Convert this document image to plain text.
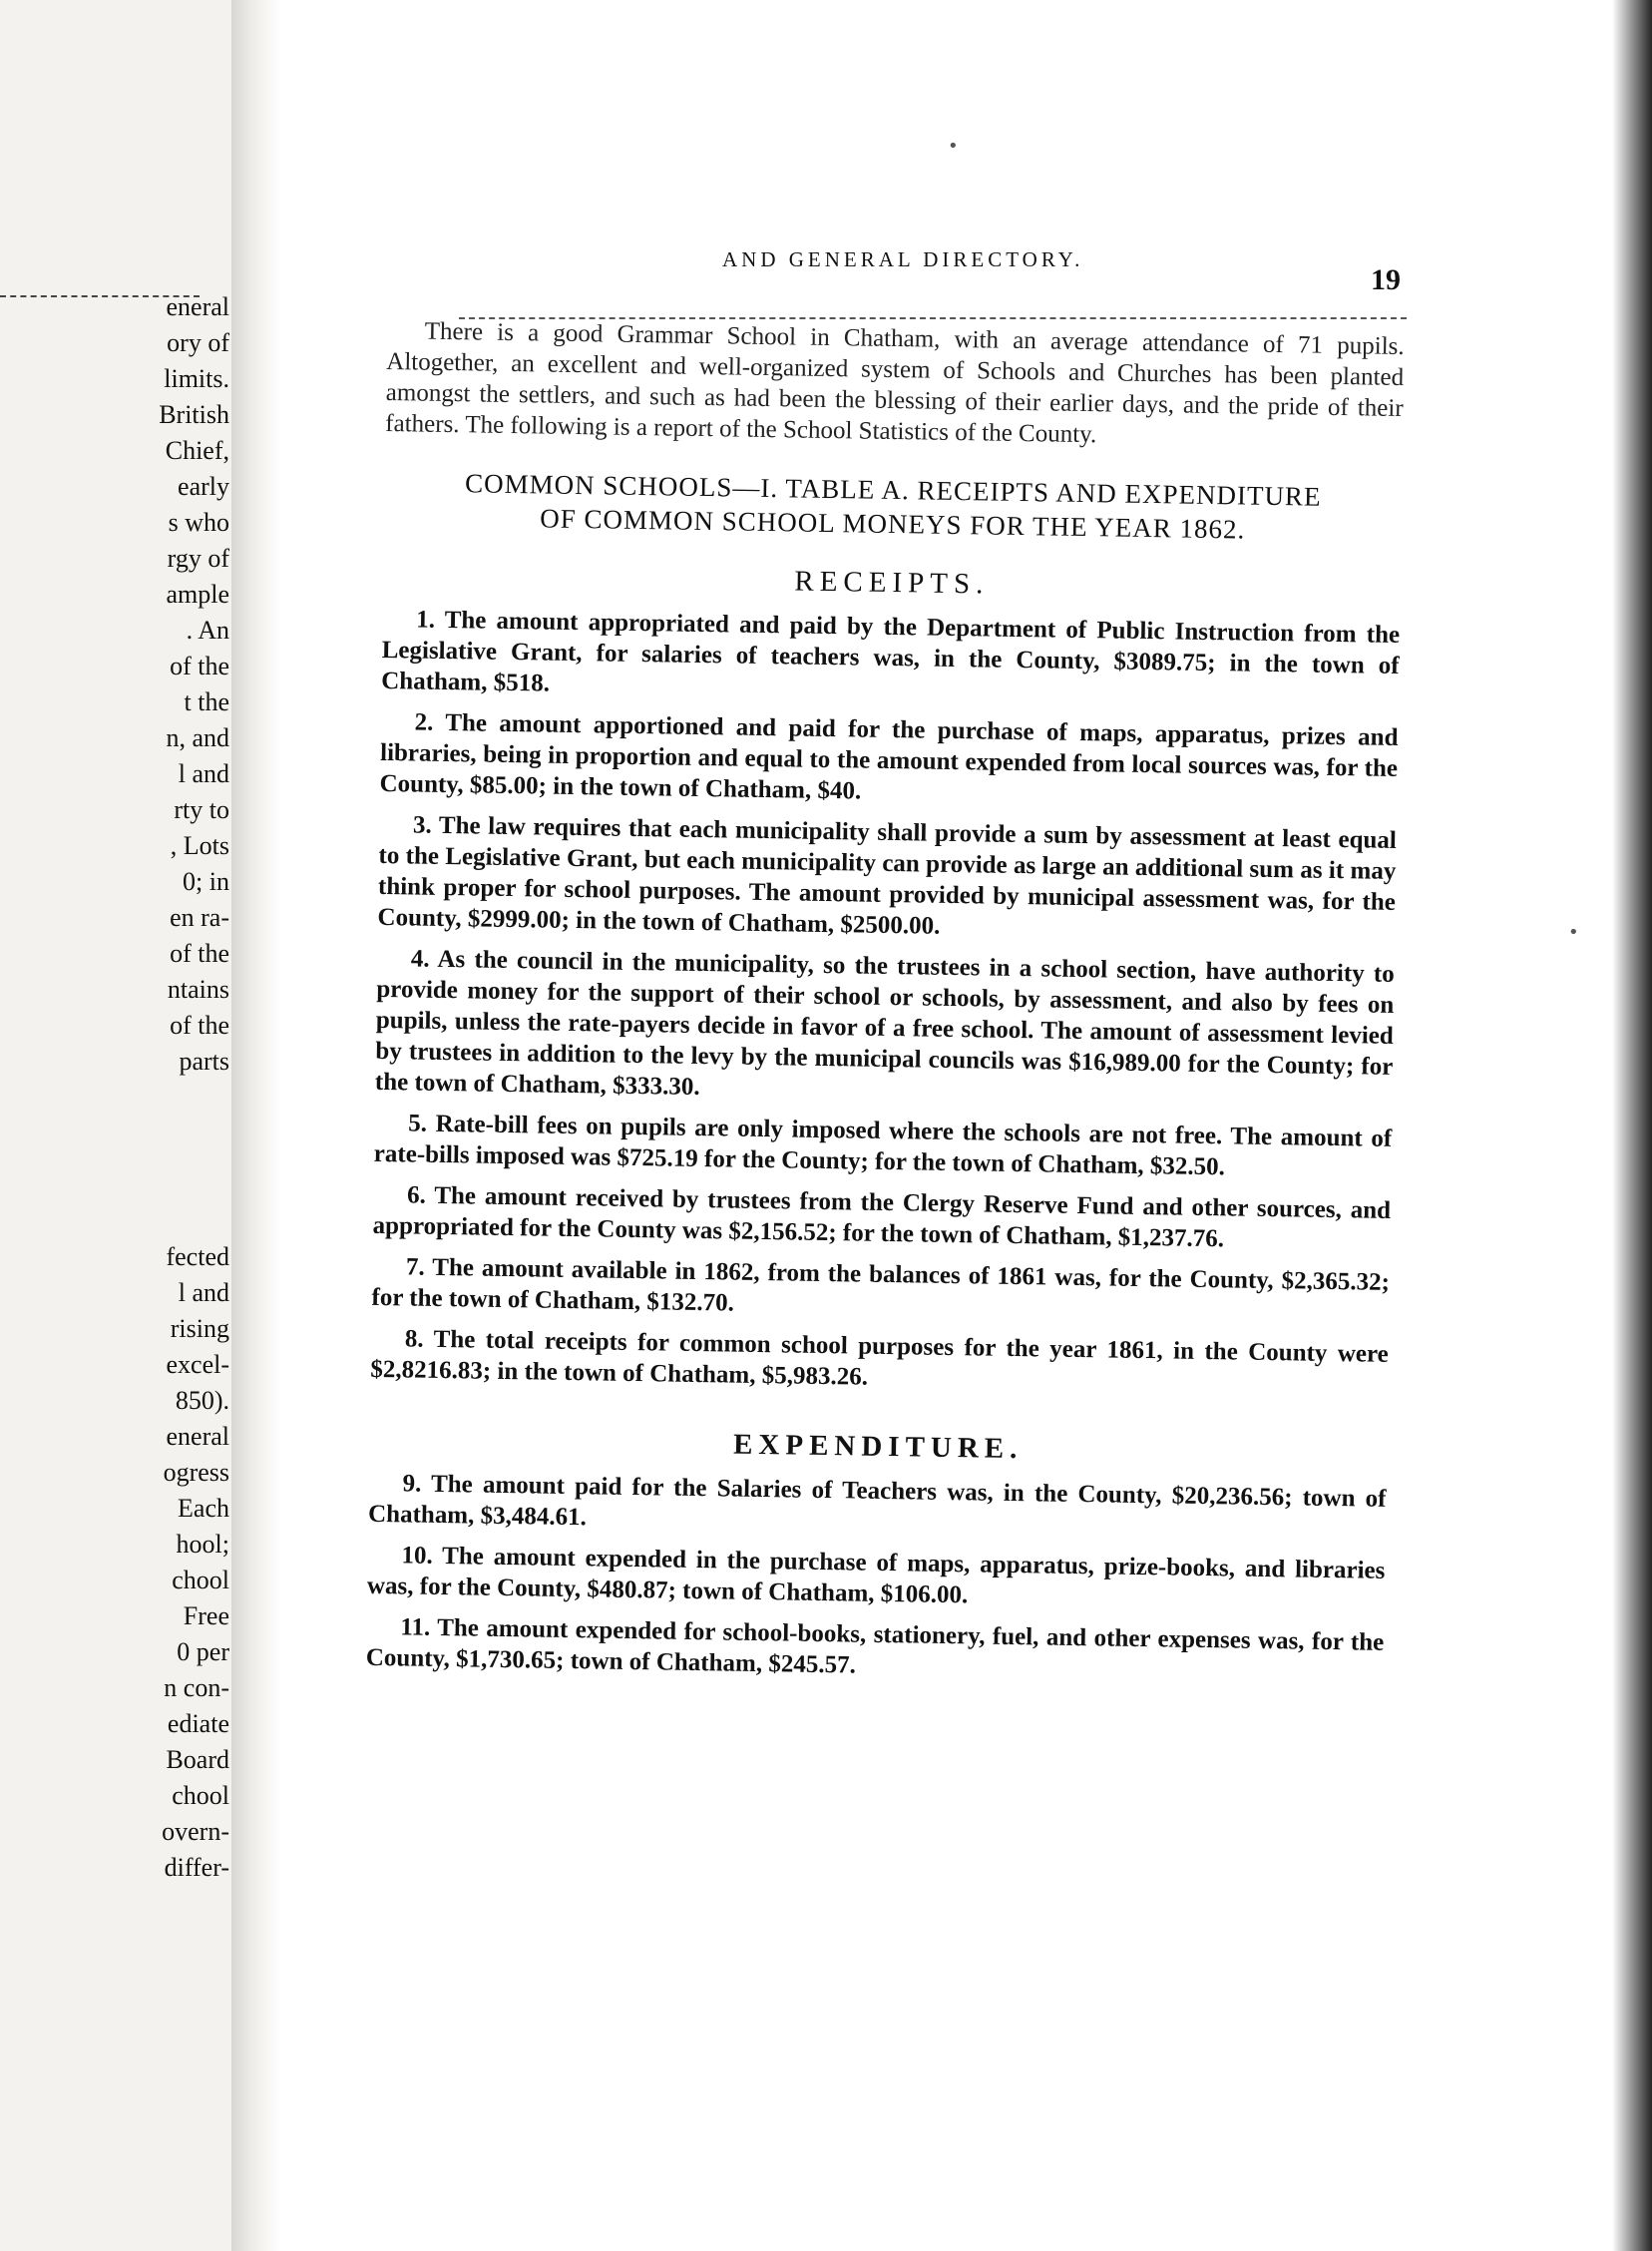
eneral
ory of
limits.
British
Chief,
early
s who
rgy of
ample
. An
of the
t the
n, and
l and
rty to
, Lots
0; in
en ra-
of the
ntains
of the
parts
fected
l and
rising
excel-
850).
eneral
ogress
Each
hool;
chool
Free
0 per
n con-
ediate
Board
chool
overn-
differ-
AND GENERAL DIRECTORY.
19
•
•

There is a good Grammar School in Chatham, with an average attendance of 71 pupils. Altogether, an excellent and well-organized system of Schools and Churches has been planted amongst the settlers, and such as had been the blessing of their earlier days, and the pride of their fathers. The following is a report of the School Statistics of the County.

COMMON SCHOOLS—I. TABLE A. RECEIPTS AND EXPENDITURE
OF COMMON SCHOOL MONEYS FOR THE YEAR 1862.
RECEIPTS.

1. The amount appropriated and paid by the Department of Public Instruction from the Legislative Grant, for salaries of teachers was, in the County, $3089.75; in the town of Chatham, $518.

2. The amount apportioned and paid for the purchase of maps, apparatus, prizes and libraries, being in proportion and equal to the amount expended from local sources was, for the County, $85.00; in the town of Chatham, $40.

3. The law requires that each municipality shall provide a sum by assessment at least equal to the Legislative Grant, but each municipality can provide as large an additional sum as it may think proper for school purposes. The amount provided by municipal assessment was, for the County, $2999.00; in the town of Chatham, $2500.00.

4. As the council in the municipality, so the trustees in a school section, have authority to provide money for the support of their school or schools, by assessment, and also by fees on pupils, unless the rate-payers decide in favor of a free school. The amount of assessment levied by trustees in addition to the levy by the municipal councils was $16,989.00 for the County; for the town of Chatham, $333.30.

5. Rate-bill fees on pupils are only imposed where the schools are not free. The amount of rate-bills imposed was $725.19 for the County; for the town of Chatham, $32.50.

6. The amount received by trustees from the Clergy Reserve Fund and other sources, and appropriated for the County was $2,156.52; for the town of Chatham, $1,237.76.

7. The amount available in 1862, from the balances of 1861 was, for the County, $2,365.32; for the town of Chatham, $132.70.

8. The total receipts for common school purposes for the year 1861, in the County were $2,8216.83; in the town of Chatham, $5,983.26.

EXPENDITURE.

9. The amount paid for the Salaries of Teachers was, in the County, $20,236.56; town of Chatham, $3,484.61.

10. The amount expended in the purchase of maps, apparatus, prize-books, and libraries was, for the County, $480.87; town of Chatham, $106.00.

11. The amount expended for school-books, stationery, fuel, and other expenses was, for the County, $1,730.65; town of Chatham, $245.57.
